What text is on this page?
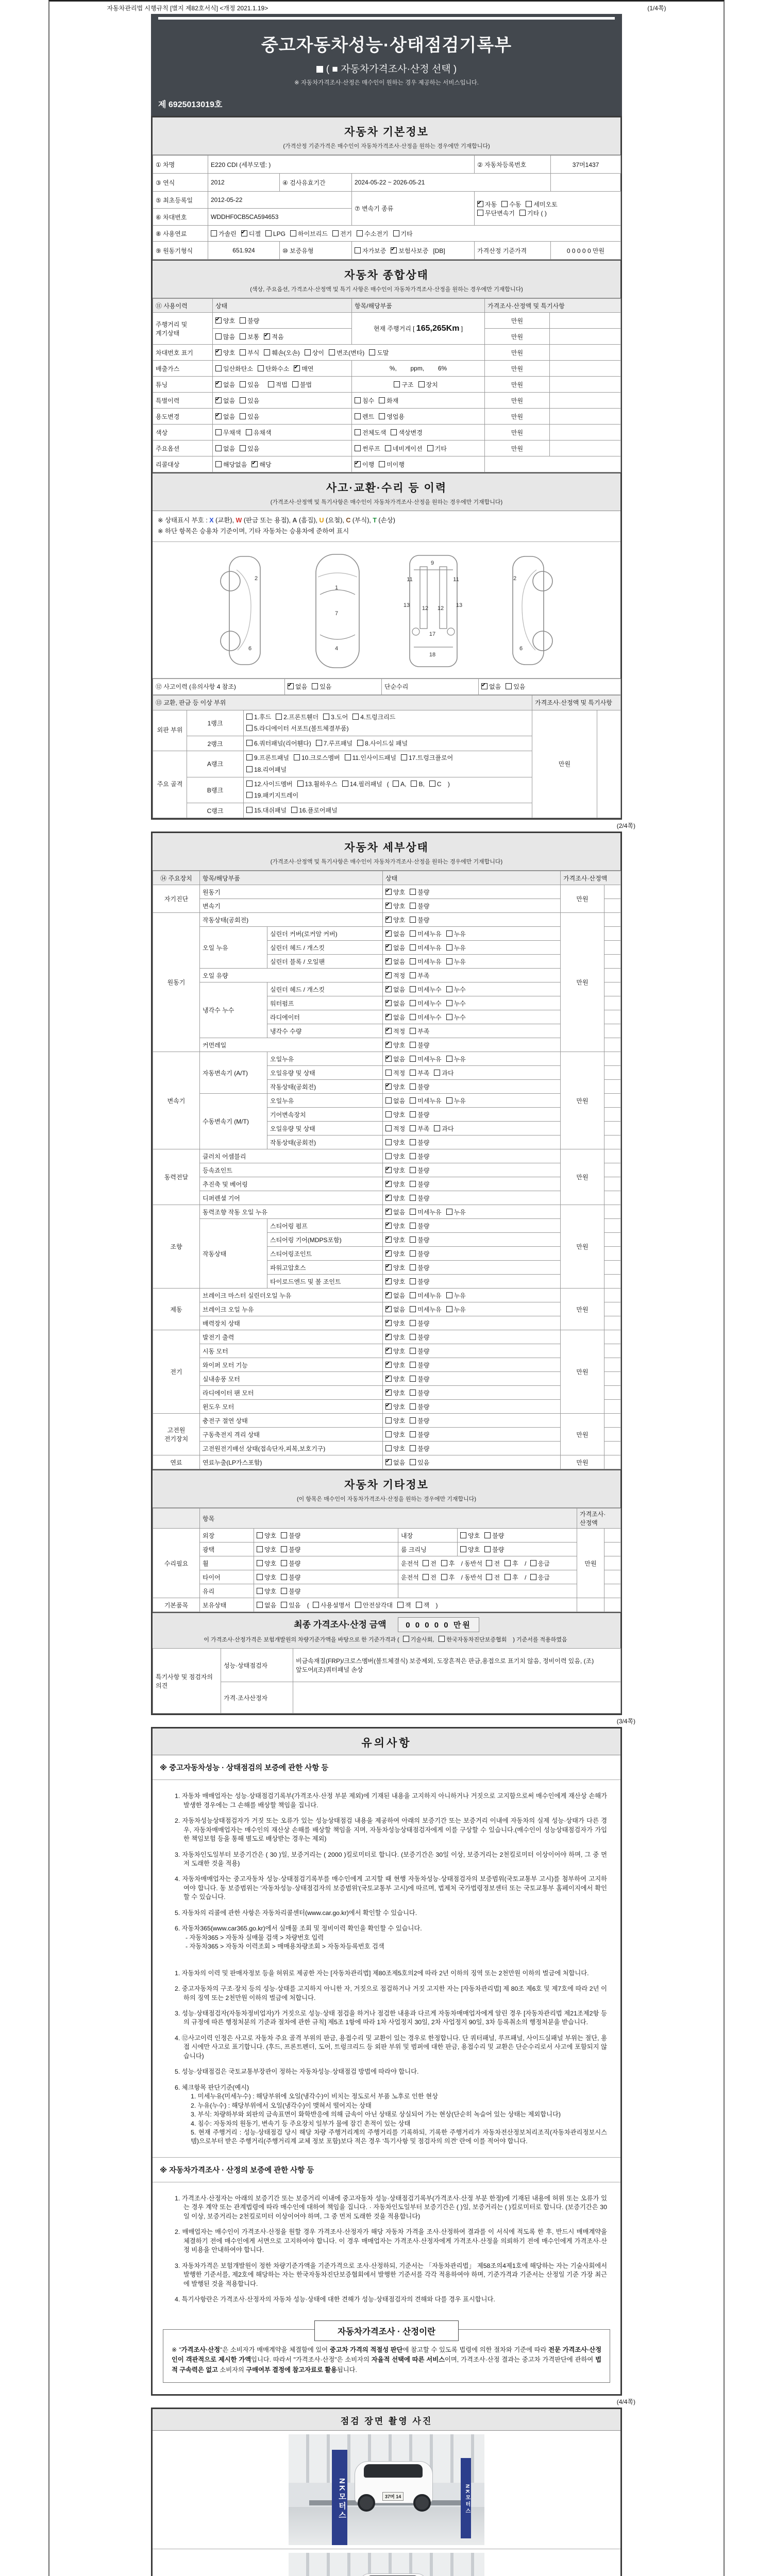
자동차관리법 시행규칙 [별지 제82호서식] <개정 2021.1.19>	(1/4쪽)
중고자동차성능·상태점검기록부
( ■ 자동차가격조사·산정 선택 )
※ 자동차가격조사·산정은 매수인이 원하는 경우 제공하는 서비스입니다.
제 6925013019호
자동차 기본정보
(가격산정 기준가격은 매수인이 자동차가격조사·산정을 원하는 경우에만 기재합니다)
① 차명	E220 CDI (세부모델: )			② 자동차등록번호	37머1437
③ 연식	2012	④ 검사유효기간	2024-05-22 ~ 2026-05-21		
⑤ 최초등록일	2012-05-22		⑦ 변속기 종류	✔자동 수동 세미오토
무단변속기 기타 ( )
⑥ 차대번호	WDDHF0CB5CA594653				
⑧ 사용연료	가솔린 ✔ 디젤 LPG 하이브리드 전기 수소전기 기타
⑨ 원동기형식	651.924	⑩ 보증유형	자가보증 ✔ 보험사보증 [DB]	가격산정 기준가격	0 0 0 0 0 만원
자동차 종합상태
(색상, 주요옵션, 가격조사·산정액 및 특기 사항은 매수인이 자동차가격조사·산정을 원하는 경우에만 기재합니다)
⑪ 사용이력	상태	항목/해당부품	가격조사·산정액 및 특기사항	
주행거리 및 계기상태	✔양호 불량	현재 주행거리 [ 165,265Km ]	만원	
	많음 보통 ✔ 적음		만원	
차대번호 표기	✔양호 부식 훼손(오손) 상이 변조(변타) 도말		만원	
배출가스	일산화탄소 탄화수소 ✔ 매연	%,        ppm,        6%	만원	
튜닝	✔없음 있음 적법 불법	구조 장치	만원	
특별이력	✔없음 있음	침수 화재	만원	
용도변경	✔없음 있음	렌트 영업용	만원	
색상	무채색 유채색	전체도색 색상변경	만원	
주요옵션	없음 있음	썬루프 네비게이션 기타	만원	
리콜대상	해당없음 ✔ 해당	✔이행 미이행	
사고·교환·수리 등 이력
(가격조사·산정액 및 특기사항은 매수인이 자동차가격조사·산정을 원하는 경우에만 기재합니다)
※ 상태표시 부호 : X (교환), W (판금 또는 용접), A (흠집), U (요철), C (부식), T (손상)
※ 하단 항목은 승용차 기준이며, 기타 자동차는 승용차에 준하여 표시
2
6
1
7
4
9
11	11
13 12 12 13
17
18
2
6
⑫ 사고이력 (유의사항 4 참조)	✔없음 있음	단순수리	✔없음 있음
⑬ 교환, 판금 등 이상 부위			가격조사·산정액 및 특기사항	
외판 부위	1랭크	1.후드 2.프론트휀더 3.도어 4.트렁크리드
5.라디에이터 서포트(볼트체결부품)	만원	
	2랭크	6.쿼터패널(리어휀다) 7.루프패널 8.사이드실 패널		
주요 골격	A랭크	9.프론트패널 10.크로스멤버 11.인사이드패널 17.트렁크플로어
18.리어패널		
	B랭크	12.사이드멤버 13.휠하우스 14.필러패널 ( A, B, C )
19.패키지트레이		
	C랭크	15.대쉬패널 16.플로어패널		
(2/4쪽)
자동차 세부상태
(가격조사·산정액 및 특기사항은 매수인이 자동차가격조사·산정을 원하는 경우에만 기재합니다)
⑭ 주요장치	항목/해당부품		상태	가격조사·산정액	
자기진단	원동기	✔양호 불량	만원	
	변속기	✔양호 불량	
원동기	작동상태(공회전)	✔양호 불량	만원	
	오일 누유	실린더 커버(로커암 커버)	✔없음 미세누유 누유	
		실린더 헤드 / 개스킷	✔없음 미세누유 누유	
		실린더 블록 / 오일팬	✔없음 미세누유 누유	
	오일 유량	✔적정 부족	
	냉각수 누수	실린더 헤드 / 개스킷	✔없음 미세누수 누수	
		워터펌프	✔없음 미세누수 누수	
		라디에이터	✔없음 미세누수 누수	
		냉각수 수량	✔적정 부족	
	커먼레일	✔양호 불량	
변속기	자동변속기 (A/T)	오일누유	✔없음 미세누유 누유	만원	
		오일유량 및 상태	적정 부족 과다		
		작동상태(공회전)	✔양호 불량	
	수동변속기 (M/T)	오일누유	없음 미세누유 누유		
		기어변속장치	양호 불량		
		오일유량 및 상태	적정 부족 과다		
		작동상태(공회전)	양호 불량		
동력전달	클러치 어셈블리		양호 불량	만원	
	등속죠인트	✔양호 불량	
	추진축 및 베어링	✔양호 불량	
	디퍼렌셜 기어	✔양호 불량	
조향	동력조향 작동 오일 누유	✔없음 미세누유 누유	만원	
	작동상태	스티어링 펌프	✔양호 불량	
		스티어링 기어(MDPS포함)	✔양호 불량	
		스티어링조인트	✔양호 불량	
		파워고압호스	✔양호 불량	
		타이로드엔드 및 볼 조인트	✔양호 불량	
제동	브레이크 마스터 실린더오일 누유	✔없음 미세누유 누유	만원	
	브레이크 오일 누유	✔없음 미세누유 누유	
	배력장치 상태	✔양호 불량	
전기	발전기 출력	✔양호 불량	만원	
	시동 모터	✔양호 불량	
	와이퍼 모터 기능	✔양호 불량	
	실내송풍 모터	✔양호 불량	
	라디에이터 팬 모터	✔양호 불량	
	윈도우 모터	✔양호 불량	
고전원 전기장치	충전구 절연 상태		양호 불량	만원	
	구동축전지 격리 상태		양호 불량		
	고전원전기배선 상태(접속단자,피복,보호기구)		양호 불량		
연료	연료누출(LP가스포함)	✔없음 있음	만원	
자동차 기타정보
(이 항목은 매수인이 자동차가격조사·산정을 원하는 경우에만 기재합니다)
	항목				가격조사·산정액	
수리필요	외장	양호 불량	내장	양호 불량	만원	
	광택	양호 불량	룸 크리닝	양호 불량		
	휠	양호 불량	운전석 전 후 / 동반석 전 후 / 응급			
	타이어	양호 불량	운전석 전 후 / 동반석 전 후 / 응급			
	유리	양호 불량				
기본품목	보유상태	없음 있음 ( 사용설명서 안전삼각대 잭 잭 )				
최종 가격조사·산정 금액	0 0 0 0 0 만원
이 가격조사·산정가격은 보험개발원의 차량기준가액을 바탕으로 한 기준가격과 ( 기술사회, 한국자동차진단보증협회 ) 기준서를 적용하였음
특기사항 및 점검자의 의견	성능·상태점검자	비금속재질(FRP)/크로스멤버(볼트체결식) 보증제외, 도장흔적은 판금,용접으로 표기치 않음, 정비이력 있음, (조)앞도어/(조)쿼터패널 손상
	가격·조사산정자	
(3/4쪽)
유의사항
※ 중고자동차성능 · 상태점검의 보증에 관한 사항 등
1. 자동차 매매업자는 성능·상태점검기록부(가격조사·산정 부분 제외)에 기재된 내용을 고지하지 아니하거나 거짓으로 고지함으로써 매수인에게 재산상 손해가 발생한 경우에는 그 손해를 배상할 책임을 집니다.
2. 자동차성능상태점검자가 거짓 또는 오류가 있는 성능상태점검 내용을 제공하여 아래의 보증기간 또는 보증거리 이내에 자동차의 실제 성능·상태가 다른 경우, 자동차매매업자는 매수인의 재산상 손해를 배상할 책임을 지며, 자동차성능상태점검자에게 이를 구상할 수 있습니다.(매수인이 성능상태점검자가 가입한 책임보험 등을 통해 별도로 배상받는 경우는 제외)
3. 자동차인도일부터 보증기간은 ( 30 )일, 보증거리는 ( 2000 )킬로미터로 합니다. (보증기간은 30일 이상, 보증거리는 2천킬로미터 이상이어야 하며, 그 중 먼저 도래한 것을 적용)
4. 자동차매매업자는 중고자동차 성능·상태점검기록부를 매수인에게 고지할 때 현행 자동차성능·상태점검자의 보증범위(국토교통부 고시)를 첨부하여 고지하여야 합니다. 동 보증범위는 '자동차성능·상태점검자의 보증범위'(국토교통부 고시)에 따르며, 법제처 국가법령정보센터 또는 국토교통부 홈페이지에서 확인할 수 있습니다.
5. 자동차의 리콜에 관한 사항은 자동차리콜센터(www.car.go.kr)에서 확인할 수 있습니다.
6. 자동차365(www.car365.go.kr)에서 실매물 조회 및 정비이력 확인을 확인할 수 있습니다.
- 자동차365 > 자동차 실매물 검색 > 차량번호 입력
- 자동차365 > 자동차 이력조회 > 매매용차량조회 > 자동차등록번호 검색
1. 자동차의 이력 및 판매자정보 등을 허위로 제공한 자는 [자동차관리법] 제80조제5호의2에 따라 2년 이하의 징역 또는 2천만원 이하의 벌금에 처합니다.
2. 중고자동차의 구조·장치 등의 성능·상태를 고지하지 아니한 자, 거짓으로 점검하거나 거짓 고지한 자는 [자동차관리법] 제 80조 제6호 및 제7호에 따라 2년 이하의 징역 또는 2천만원 이하의 벌금에 처합니다.
3. 성능·상태점검자(자동차정비업자)가 거짓으로 성능·상태 점검을 하거나 점검한 내용과 다르게 자동차매매업자에게 알린 경우 [자동차관리법 제21조제2항 등의 규정에 따른 행정처분의 기준과 절차에 관한 규칙] 제5조 1항에 따라 1차 사업정지 30일, 2차 사업정지 90일, 3차 등록취소의 행정처분을 받습니다.
4. ⑫사고이력 인정은 사고로 자동차 주요 골격 부위의 판금, 용접수리 및 교환이 있는 경우로 한정합니다. 단 쿼터패널, 루프패널, 사이드실패널 부위는 절단, 용접 시에만 사고로 표기합니다. (후드, 프론트펜더, 도어, 트렁크리드 등 외판 부위 및 범퍼에 대한 판금, 용접수리 및 교환은 단순수리로서 사고에 포함되지 않습니다)
5. 성능·상태점검은 국토교통부장관이 정하는 자동차성능·상태점검 방법에 따라야 합니다.
6. 체크항목 판단기준(예시)
1. 미세누유(미세누수) : 해당부위에 오일(냉각수)이 비치는 정도로서 부품 노후로 인한 현상
2. 누유(누수) : 해당부위에서 오일(냉각수)이 맺혀서 떨어지는 상태
3. 부식: 차량하부와 외판의 금속표면이 화학반응에 의해 금속이 아닌 상태로 상실되어 가는 현상(단순히 녹슬어 있는 상태는 제외합니다)
4. 침수: 자동차의 원동기, 변속기 등 주요장치 일부가 물에 잠긴 흔적이 있는 상태
5. 현재 주행거리 : 성능·상태점검 당시 해당 차량 주행거리계의 주행거리를 기록하되, 기록한 주행거리가 자동차전산정보처리조직(자동차관리정보시스템)으로부터 받은 주행거리(주행거리계 교체 정보 포함)보다 적은 경우 '특기사항 및 점검자의 의견' 란에 이를 적어야 합니다.
※ 자동차가격조사 · 산정의 보증에 관한 사항 등
1. 가격조사·산정자는 아래의 보증기간 또는 보증거리 이내에 중고자동차 성능·상태점검기록부(가격조사·산정 부분 한정)에 기재된 내용에 허위 또는 오류가 있는 경우 계약 또는 관계법령에 따라 매수인에 대하여 책임을 집니다. · 자동차인도일부터 보증기간은 ( )일, 보증거리는 ( )킬로미터로 합니다. (보증기간은 30일 이상, 보증거리는 2천킬로미터 이상이어야 하며, 그 중 먼저 도래한 것을 적용합니다)
2. 매매업자는 매수인이 가격조사·산정을 원할 경우 가격조사·산정자가 해당 자동차 가격을 조사·산정하여 결과를 이 서식에 적도록 한 후, 반드시 매매계약을 체결하기 전에 매수인에게 서면으로 고지하여야 합니다. 이 경우 매매업자는 가격조사·산정자에게 가격조사·산정을 의뢰하기 전에 매수인에게 가격조사·산정 비용을 안내하여야 합니다.
3. 자동차가격은 보험개발원이 정한 차량기준가액을 기준가격으로 조사·산정하되, 기준서는 「자동차관리법」 제58조의4제1호에 해당하는 자는 기술사회에서 발행한 기준서를, 제2호에 해당하는 자는 한국자동차진단보증협회에서 발행한 기준서를 각각 적용하여야 하며, 기준가격과 기준서는 산정일 기준 가장 최근에 발행된 것을 적용합니다.
4. 특기사항란은 가격조사·산정자의 자동차 성능·상태에 대한 견해가 성능·상태점검자의 견해와 다를 경우 표시합니다.
자동차가격조사 · 산정이란
※ "가격조사·산정"은 소비자가 매매계약을 체결함에 있어 중고차 가격의 적절성 판단에 참고할 수 있도록 법령에 의한 절차와 기준에 따라 전문 가격조사·산정인이 객관적으로 제시한 가액입니다. 따라서 "가격조사·산정"은 소비자의 자율적 선택에 따른 서비스이며, 가격조사·산정 결과는 중고차 가격판단에 관하여 법적 구속력은 없고 소비자의 구매여부 결정에 참고자료로 활용됩니다.
(4/4쪽)
점검 장면 촬영 사진
37머 14
NK모터스	NK모터스
